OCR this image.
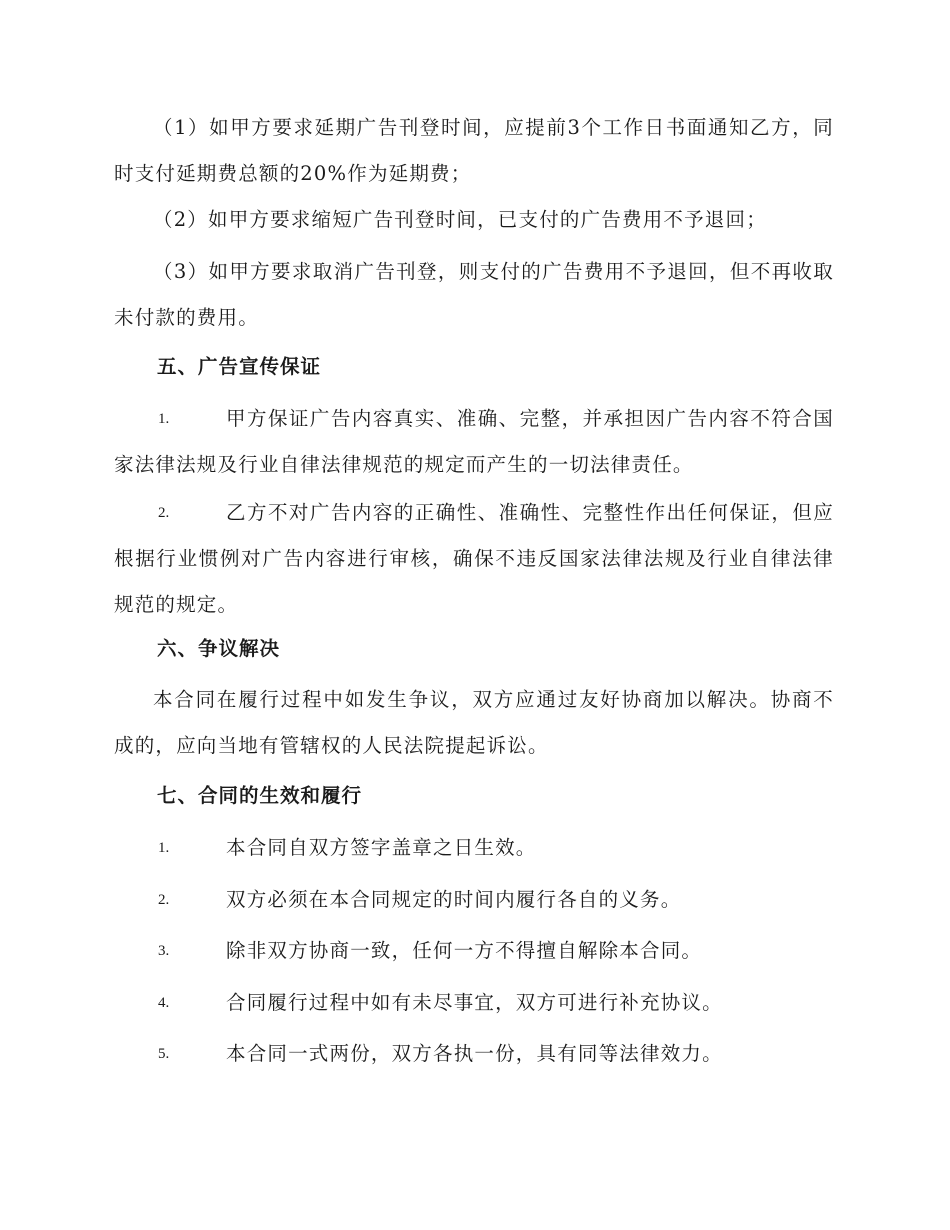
（1）如甲方要求延期广告刊登时间，应提前3个工作日书面通知乙方，同时支付延期费总额的20%作为延期费；

（2）如甲方要求缩短广告刊登时间，已支付的广告费用不予退回；

（3）如甲方要求取消广告刊登，则支付的广告费用不予退回，但不再收取未付款的费用。

五、广告宣传保证
1.	甲方保证广告内容真实、准确、完整，并承担因广告内容不符合国家法律法规及行业自律法律规范的规定而产生的一切法律责任。

2.	乙方不对广告内容的正确性、准确性、完整性作出任何保证，但应根据行业惯例对广告内容进行审核，确保不违反国家法律法规及行业自律法律规范的规定。

六、争议解决

本合同在履行过程中如发生争议，双方应通过友好协商加以解决。协商不成的，应向当地有管辖权的人民法院提起诉讼。

七、合同的生效和履行
1.	本合同自双方签字盖章之日生效。

2.	双方必须在本合同规定的时间内履行各自的义务。

3.	除非双方协商一致，任何一方不得擅自解除本合同。

4.	合同履行过程中如有未尽事宜，双方可进行补充协议。

5.	本合同一式两份，双方各执一份，具有同等法律效力。
